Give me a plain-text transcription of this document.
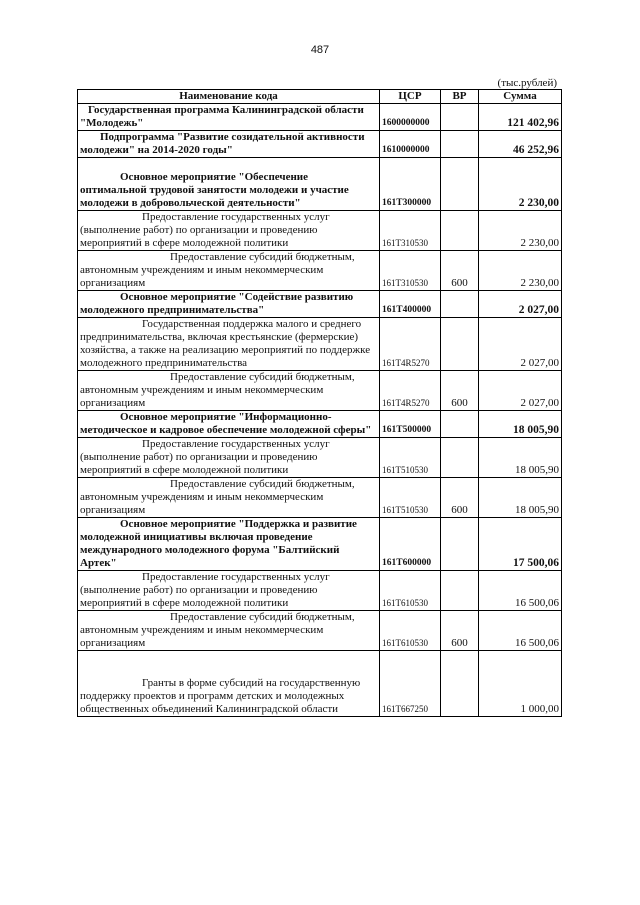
487
(тыс.рублей)
Наименование кода	ЦСР	ВР	Сумма
Государственная программа Калининградской области "Молодежь"	1600000000		121 402,96
Подпрограмма "Развитие созидательной активности молодежи" на 2014-2020 годы"	1610000000		46 252,96

Основное мероприятие "Обеспечение оптимальной трудовой занятости молодежи и участие молодежи в добровольческой деятельности"	161Т300000		2 230,00
Предоставление государственных услуг (выполнение работ) по организации и проведению мероприятий в сфере молодежной политики	161Т310530		2 230,00
Предоставление субсидий бюджетным, автономным учреждениям и иным некоммерческим организациям	161Т310530	600	2 230,00
Основное мероприятие "Содействие развитию молодежного предпринимательства"	161Т400000		2 027,00
Государственная поддержка малого и среднего предпринимательства, включая крестьянские (фермерские) хозяйства, а также на реализацию мероприятий по поддержке молодежного предпринимательства	161Т4R5270		2 027,00
Предоставление субсидий бюджетным, автономным учреждениям и иным некоммерческим организациям	161Т4R5270	600	2 027,00
Основное мероприятие "Информационно-методическое и кадровое обеспечение молодежной сферы"	161Т500000		18 005,90
Предоставление государственных услуг (выполнение работ) по организации и проведению мероприятий в сфере молодежной политики	161Т510530		18 005,90
Предоставление субсидий бюджетным, автономным учреждениям и иным некоммерческим организациям	161Т510530	600	18 005,90
Основное мероприятие "Поддержка и развитие молодежной инициативы включая проведение международного молодежного форума "Балтийский Артек"	161Т600000		17 500,06
Предоставление государственных услуг (выполнение работ) по организации и проведению мероприятий в сфере молодежной политики	161Т610530		16 500,06
Предоставление субсидий бюджетным, автономным учреждениям и иным некоммерческим организациям	161Т610530	600	16 500,06

Гранты в форме субсидий на государственную поддержку проектов и программ детских и молодежных общественных объединений Калининградской области	161Т667250		1 000,00
